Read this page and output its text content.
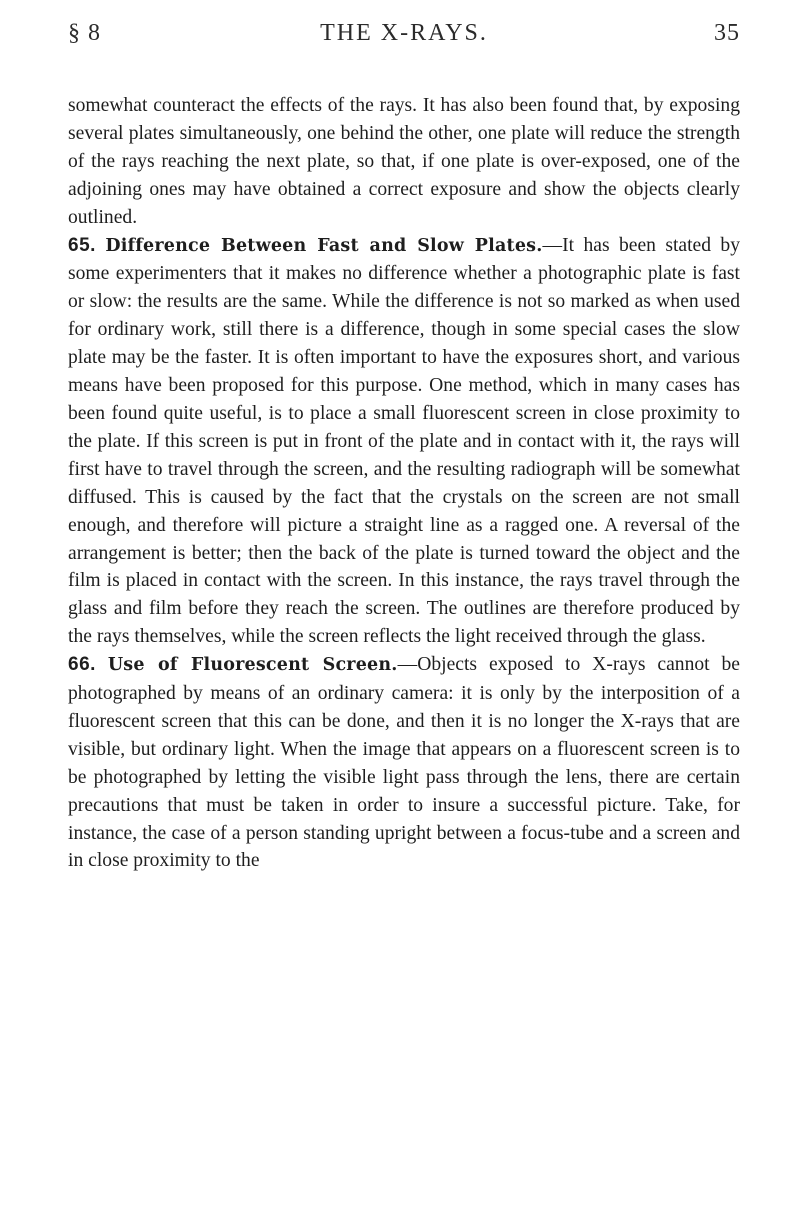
§ 8	THE X-RAYS.	35

somewhat counteract the effects of the rays. It has also been found that, by exposing several plates simultaneously, one behind the other, one plate will reduce the strength of the rays reaching the next plate, so that, if one plate is over-exposed, one of the adjoining ones may have obtained a correct exposure and show the objects clearly outlined.

65. Difference Between Fast and Slow Plates.—It has been stated by some experimenters that it makes no difference whether a photographic plate is fast or slow: the results are the same. While the difference is not so marked as when used for ordinary work, still there is a difference, though in some special cases the slow plate may be the faster. It is often important to have the exposures short, and various means have been proposed for this purpose. One method, which in many cases has been found quite useful, is to place a small fluorescent screen in close proximity to the plate. If this screen is put in front of the plate and in contact with it, the rays will first have to travel through the screen, and the resulting radiograph will be somewhat diffused. This is caused by the fact that the crystals on the screen are not small enough, and therefore will picture a straight line as a ragged one. A reversal of the arrangement is better; then the back of the plate is turned toward the object and the film is placed in contact with the screen. In this instance, the rays travel through the glass and film before they reach the screen. The outlines are therefore produced by the rays themselves, while the screen reflects the light received through the glass.

66. Use of Fluorescent Screen.—Objects exposed to X-rays cannot be photographed by means of an ordinary camera: it is only by the interposition of a fluorescent screen that this can be done, and then it is no longer the X-rays that are visible, but ordinary light. When the image that appears on a fluorescent screen is to be photographed by letting the visible light pass through the lens, there are certain precautions that must be taken in order to insure a successful picture. Take, for instance, the case of a person standing upright between a focus-tube and a screen and in close proximity to the
